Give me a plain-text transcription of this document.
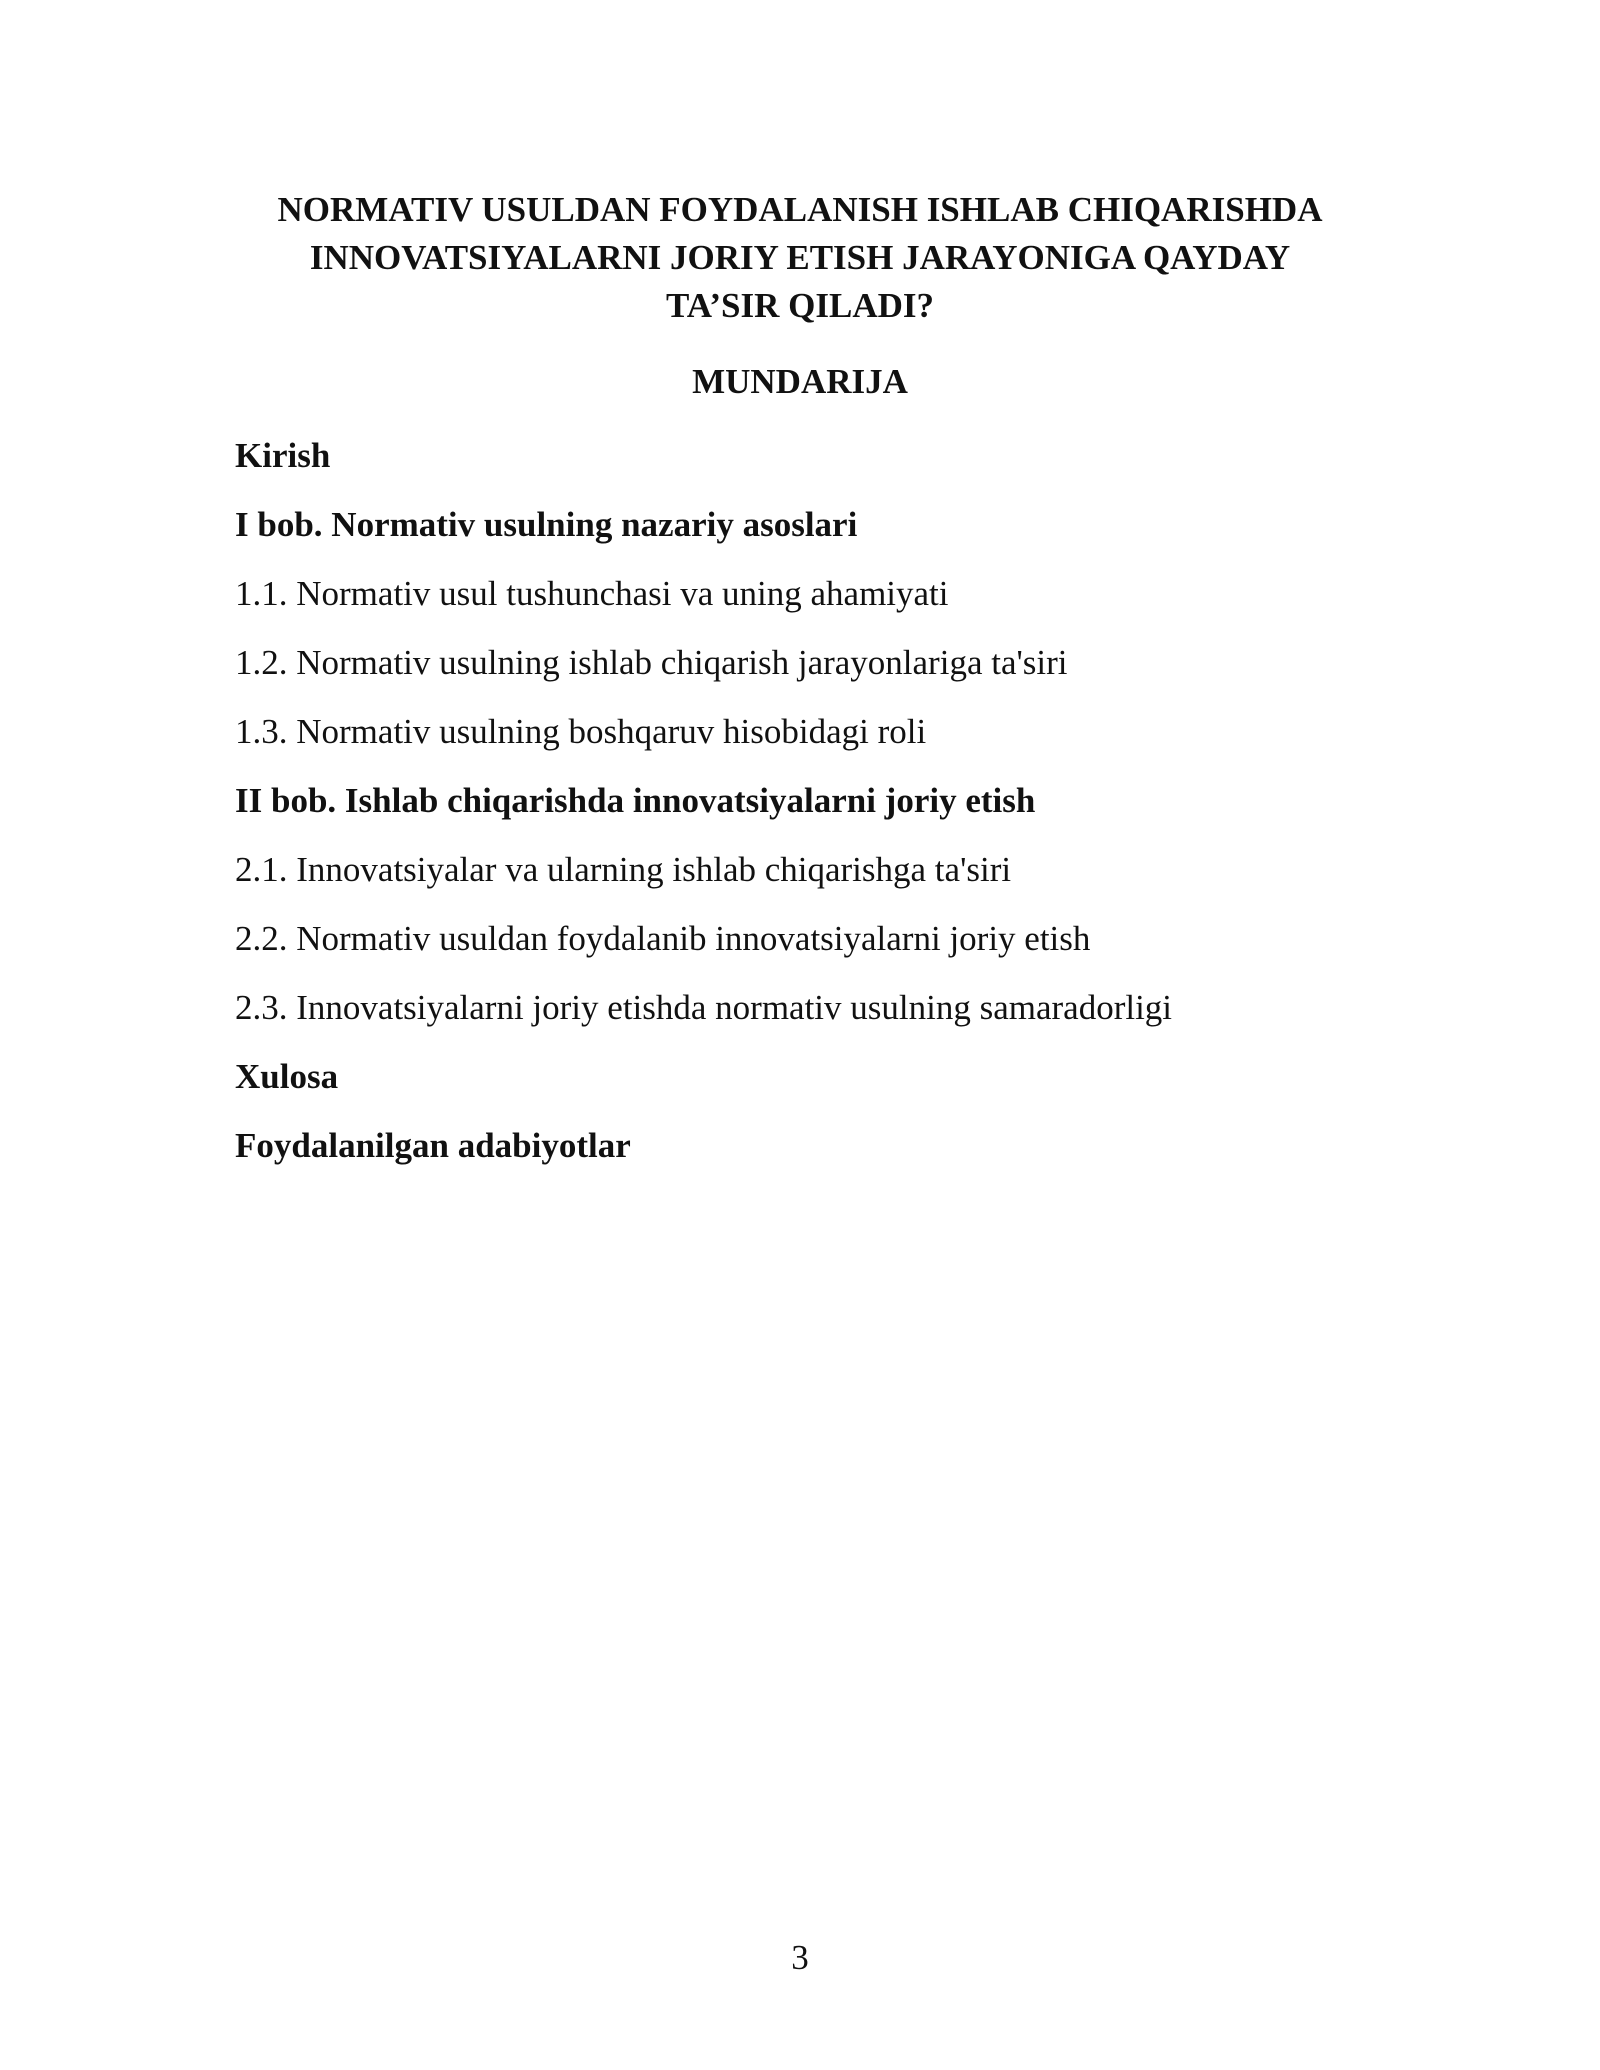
NORMATIV USULDAN FOYDALANISH ISHLAB CHIQARISHDA
INNOVATSIYALARNI JORIY ETISH JARAYONIGA QAYDAY
TA’SIR QILADI?
MUNDARIJA
Kirish
I bob. Normativ usulning nazariy asoslari
1.1. Normativ usul tushunchasi va uning ahamiyati
1.2. Normativ usulning ishlab chiqarish jarayonlariga ta'siri
1.3. Normativ usulning boshqaruv hisobidagi roli
II bob. Ishlab chiqarishda innovatsiyalarni joriy etish
2.1. Innovatsiyalar va ularning ishlab chiqarishga ta'siri
2.2. Normativ usuldan foydalanib innovatsiyalarni joriy etish
2.3. Innovatsiyalarni joriy etishda normativ usulning samaradorligi
Xulosa
Foydalanilgan adabiyotlar
3
